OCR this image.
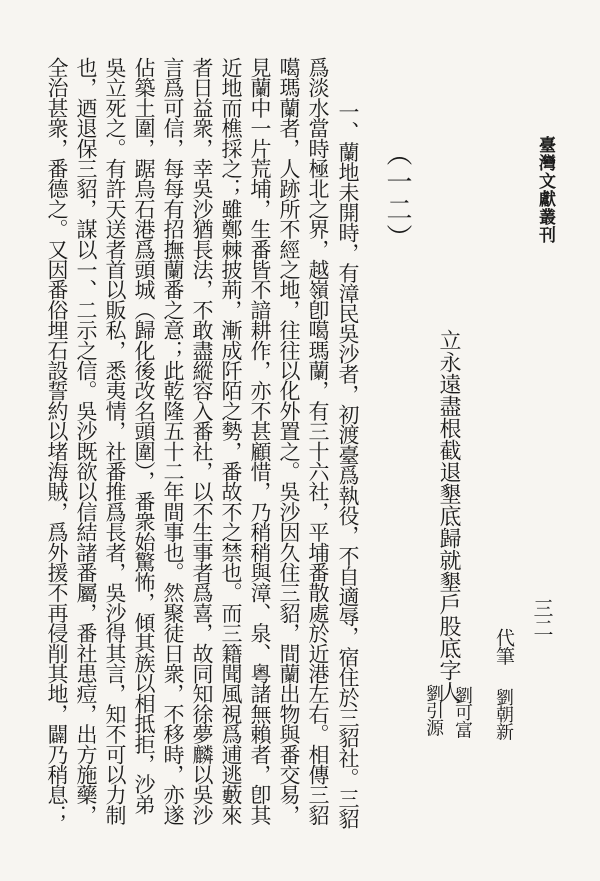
臺灣文獻叢刊
（一二）
立永遠盡根截退墾底歸就墾戶股底字人	三二
代筆
劉朝新
劉可富
劉引源
一、蘭地未開時，有漳民吳沙者，初渡臺爲執役，不自適辱，宿住於三貂社。三貂
爲淡水當時極北之界，越嶺卽噶瑪蘭，有三十六社，平埔番散處於近港左右。相傳三貂
噶瑪蘭者，人跡所不經之地，往往以化外置之。吳沙因久住三貂，間蘭出物與番交易，
見蘭中一片荒埔，生番皆不諳耕作，亦不甚顧惜，乃稍稍與漳、泉、粵諸無賴者，卽其
近地而樵採之；雖鄭棘披荊，漸成阡陌之勢，番故不之禁也。而三籍聞風視爲逋逃藪來
者日益衆，幸吳沙猶長法，不敢盡縱容入番社，以不生事者爲喜，故同知徐夢麟以吳沙
言爲可信，每每有招撫蘭番之意；此乾隆五十二年間事也。然聚徒日衆，不移時，亦遂
佔築土圍，踞烏石港爲頭城（歸化後改名頭圍），番衆始驚怖，傾其族以相抵拒，沙弟
吳立死之。有許天送者首以販私，悉夷情，社番推爲長者，吳沙得其言，知不可以力制
也，迺退保三貂，謀以一、二示之信。吳沙既欲以信結諸番屬，番社患痘，出方施藥，
全治甚衆，番德之。又因番俗埋石設誓約以堵海賊，爲外援不再侵削其地，闢乃稍息；
